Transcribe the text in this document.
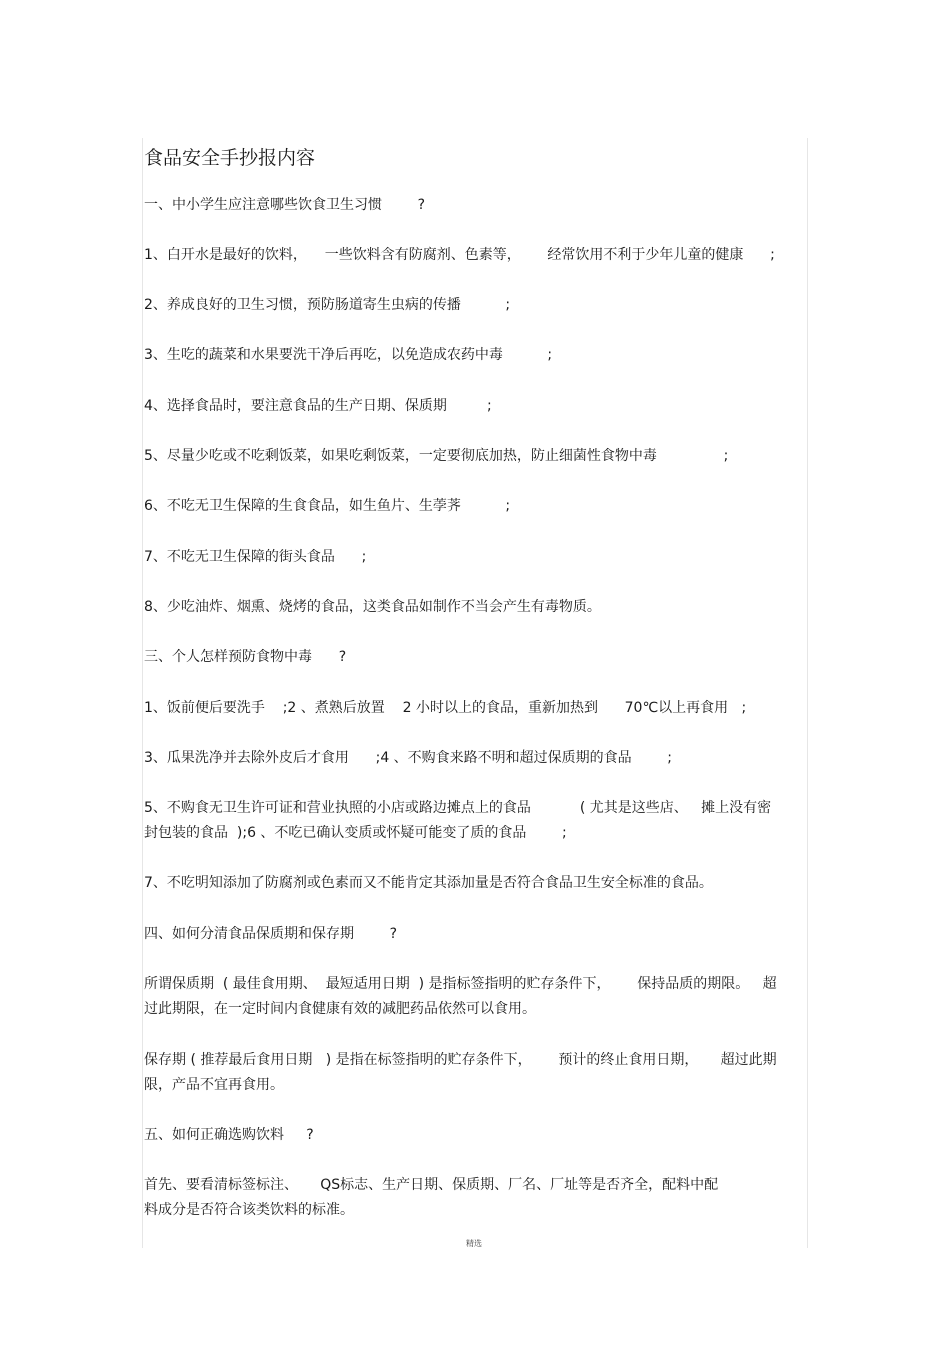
食品安全手抄报内容
一、中小学生应注意哪些饮食卫生习惯        ?
1、白开水是最好的饮料，    一些饮料含有防腐剂、色素等，      经常饮用不利于少年儿童的健康      ;
2、养成良好的卫生习惯，预防肠道寄生虫病的传播          ;
3、生吃的蔬菜和水果要洗干净后再吃，以免造成农药中毒          ;
4、选择食品时，要注意食品的生产日期、保质期         ;
5、尽量少吃或不吃剩饭菜，如果吃剩饭菜，一定要彻底加热，防止细菌性食物中毒               ;
6、不吃无卫生保障的生食食品，如生鱼片、生荸荠          ;
7、不吃无卫生保障的街头食品      ;
8、少吃油炸、烟熏、烧烤的食品，这类食品如制作不当会产生有毒物质。
三、个人怎样预防食物中毒      ?
1、饭前便后要洗手    ;2 、煮熟后放置    2 小时以上的食品，重新加热到      70℃以上再食用   ;
3、瓜果洗净并去除外皮后才食用      ;4 、不购食来路不明和超过保质期的食品        ;
5、不购食无卫生许可证和营业执照的小店或路边摊点上的食品           ( 尤其是这些店、   摊上没有密
封包装的食品  );6 、不吃已确认变质或怀疑可能变了质的食品        ;
7、不吃明知添加了防腐剂或色素而又不能肯定其添加量是否符合食品卫生安全标准的食品。
四、如何分清食品保质期和保存期        ?
所谓保质期  ( 最佳食用期、  最短适用日期  ) 是指标签指明的贮存条件下，      保持品质的期限。   超
过此期限，在一定时间内食健康有效的减肥药品依然可以食用。
保存期 ( 推荐最后食用日期   ) 是指在标签指明的贮存条件下，      预计的终止食用日期，     超过此期
限，产品不宜再食用。
五、如何正确选购饮料     ?
首先、要看清标签标注、     QS标志、生产日期、保质期、厂名、厂址等是否齐全，配料中配
料成分是否符合该类饮料的标准。
精选
